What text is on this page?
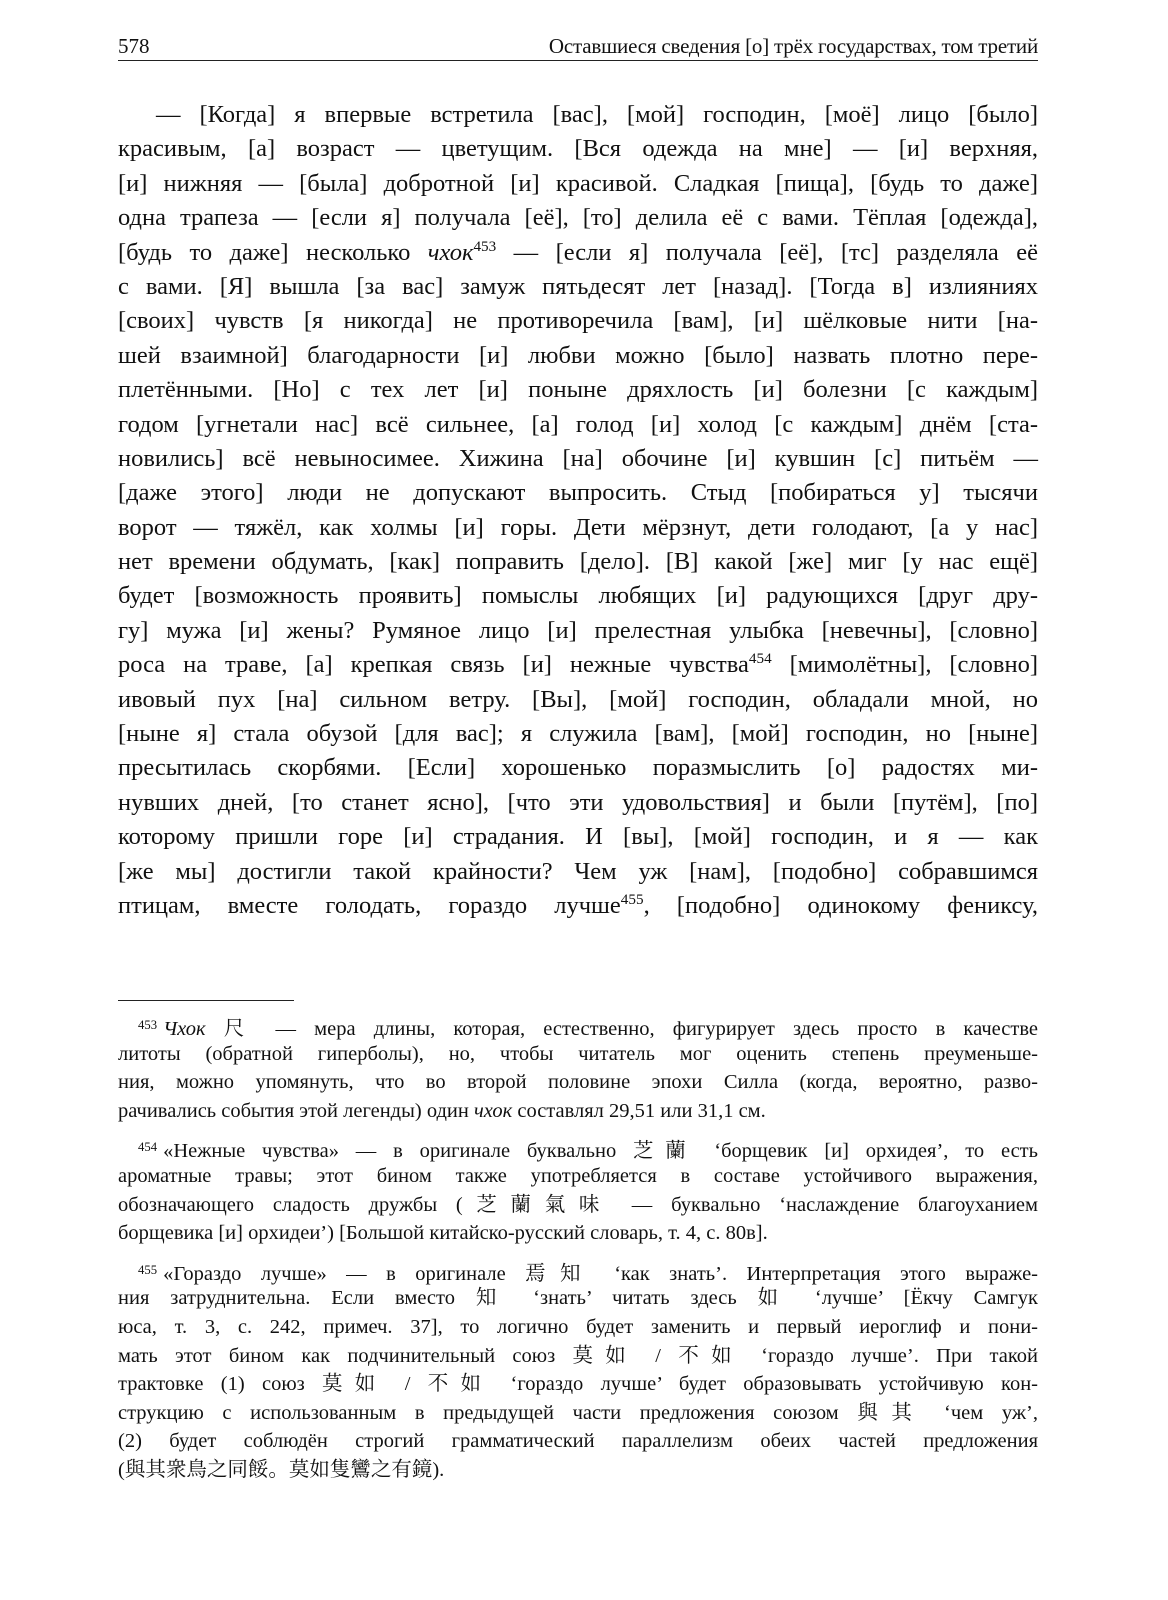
578	Оставшиеся сведения [о] трёх государствах, том третий
— [Когда] я впервые встретила [вас], [мой] господин, [моё] лицо [было]
красивым, [а] возраст — цветущим. [Вся одежда на мне] — [и] верхняя,
[и] нижняя — [была] добротной [и] красивой. Сладкая [пища], [будь то даже]
одна трапеза — [если я] получала [её], [то] делила её с вами. Тёплая [одежда],
[будь то даже] несколько чхок$^{453}$ — [если я] получала [её], [тс] разделяла её
с вами. [Я] вышла [за вас] замуж пятьдесят лет [назад]. [Тогда в] излияниях
[своих] чувств [я никогда] не противоречила [вам], [и] шёлковые нити [на-
шей взаимной] благодарности [и] любви можно [было] назвать плотно пере-
плетёнными. [Но] с тех лет [и] поныне дряхлость [и] болезни [с каждым]
годом [угнетали нас] всё сильнее, [а] голод [и] холод [с каждым] днём [ста-
новились] всё невыносимее. Хижина [на] обочине [и] кувшин [с] питьём —
[даже этого] люди не допускают выпросить. Стыд [побираться у] тысячи
ворот — тяжёл, как холмы [и] горы. Дети мёрзнут, дети голодают, [а у нас]
нет времени обдумать, [как] поправить [дело]. [В] какой [же] миг [у нас ещё]
будет [возможность проявить] помыслы любящих [и] радующихся [друг дру-
гу] мужа [и] жены? Румяное лицо [и] прелестная улыбка [невечны], [словно]
роса на траве, [а] крепкая связь [и] нежные чувства$^{454}$ [мимолётны], [словно]
ивовый пух [на] сильном ветру. [Вы], [мой] господин, обладали мной, но
[ныне я] стала обузой [для вас]; я служила [вам], [мой] господин, но [ныне]
пресытилась скорбями. [Если] хорошенько поразмыслить [о] радостях ми-
нувших дней, [то станет ясно], [что эти удовольствия] и были [путём], [по]
которому пришли горе [и] страдания. И [вы], [мой] господин, и я — как
[же мы] достигли такой крайности? Чем уж [нам], [подобно] собравшимся
птицам, вместе голодать, гораздо лучше$^{455}$, [подобно] одинокому фениксу,
$^{453}$ Чхок 尺 — мера длины, которая, естественно, фигурирует здесь просто в качестве
литоты (обратной гиперболы), но, чтобы читатель мог оценить степень преуменьше-
ния, можно упомянуть, что во второй половине эпохи Силла (когда, вероятно, разво-
рачивались события этой легенды) один чхок составлял 29,51 или 31,1 см.
$^{454}$ «Нежные чувства» — в оригинале буквально 芝蘭 ‘борщевик [и] орхидея’, то есть
ароматные травы; этот бином также употребляется в составе устойчивого выражения,
обозначающего сладость дружбы (芝蘭氣味 — буквально ‘наслаждение благоуханием
борщевика [и] орхидеи’) [Большой китайско-русский словарь, т. 4, с. 80в].
$^{455}$ «Гораздо лучше» — в оригинале 焉知 ‘как знать’. Интерпретация этого выраже-
ния затруднительна. Если вместо 知 ‘знать’ читать здесь 如 ‘лучше’ [Ёкчу Самгук
юса, т. 3, с. 242, примеч. 37], то логично будет заменить и первый иероглиф и пони-
мать этот бином как подчинительный союз 莫如 / 不如 ‘гораздо лучше’. При такой
трактовке (1) союз 莫如 / 不如 ‘гораздо лучше’ будет образовывать устойчивую кон-
струкцию с использованным в предыдущей части предложения союзом 與其 ‘чем уж’,
(2) будет соблюдён строгий грамматический параллелизм обеих частей предложения
(與其衆鳥之同餒。莫如隻鸞之有鏡).
